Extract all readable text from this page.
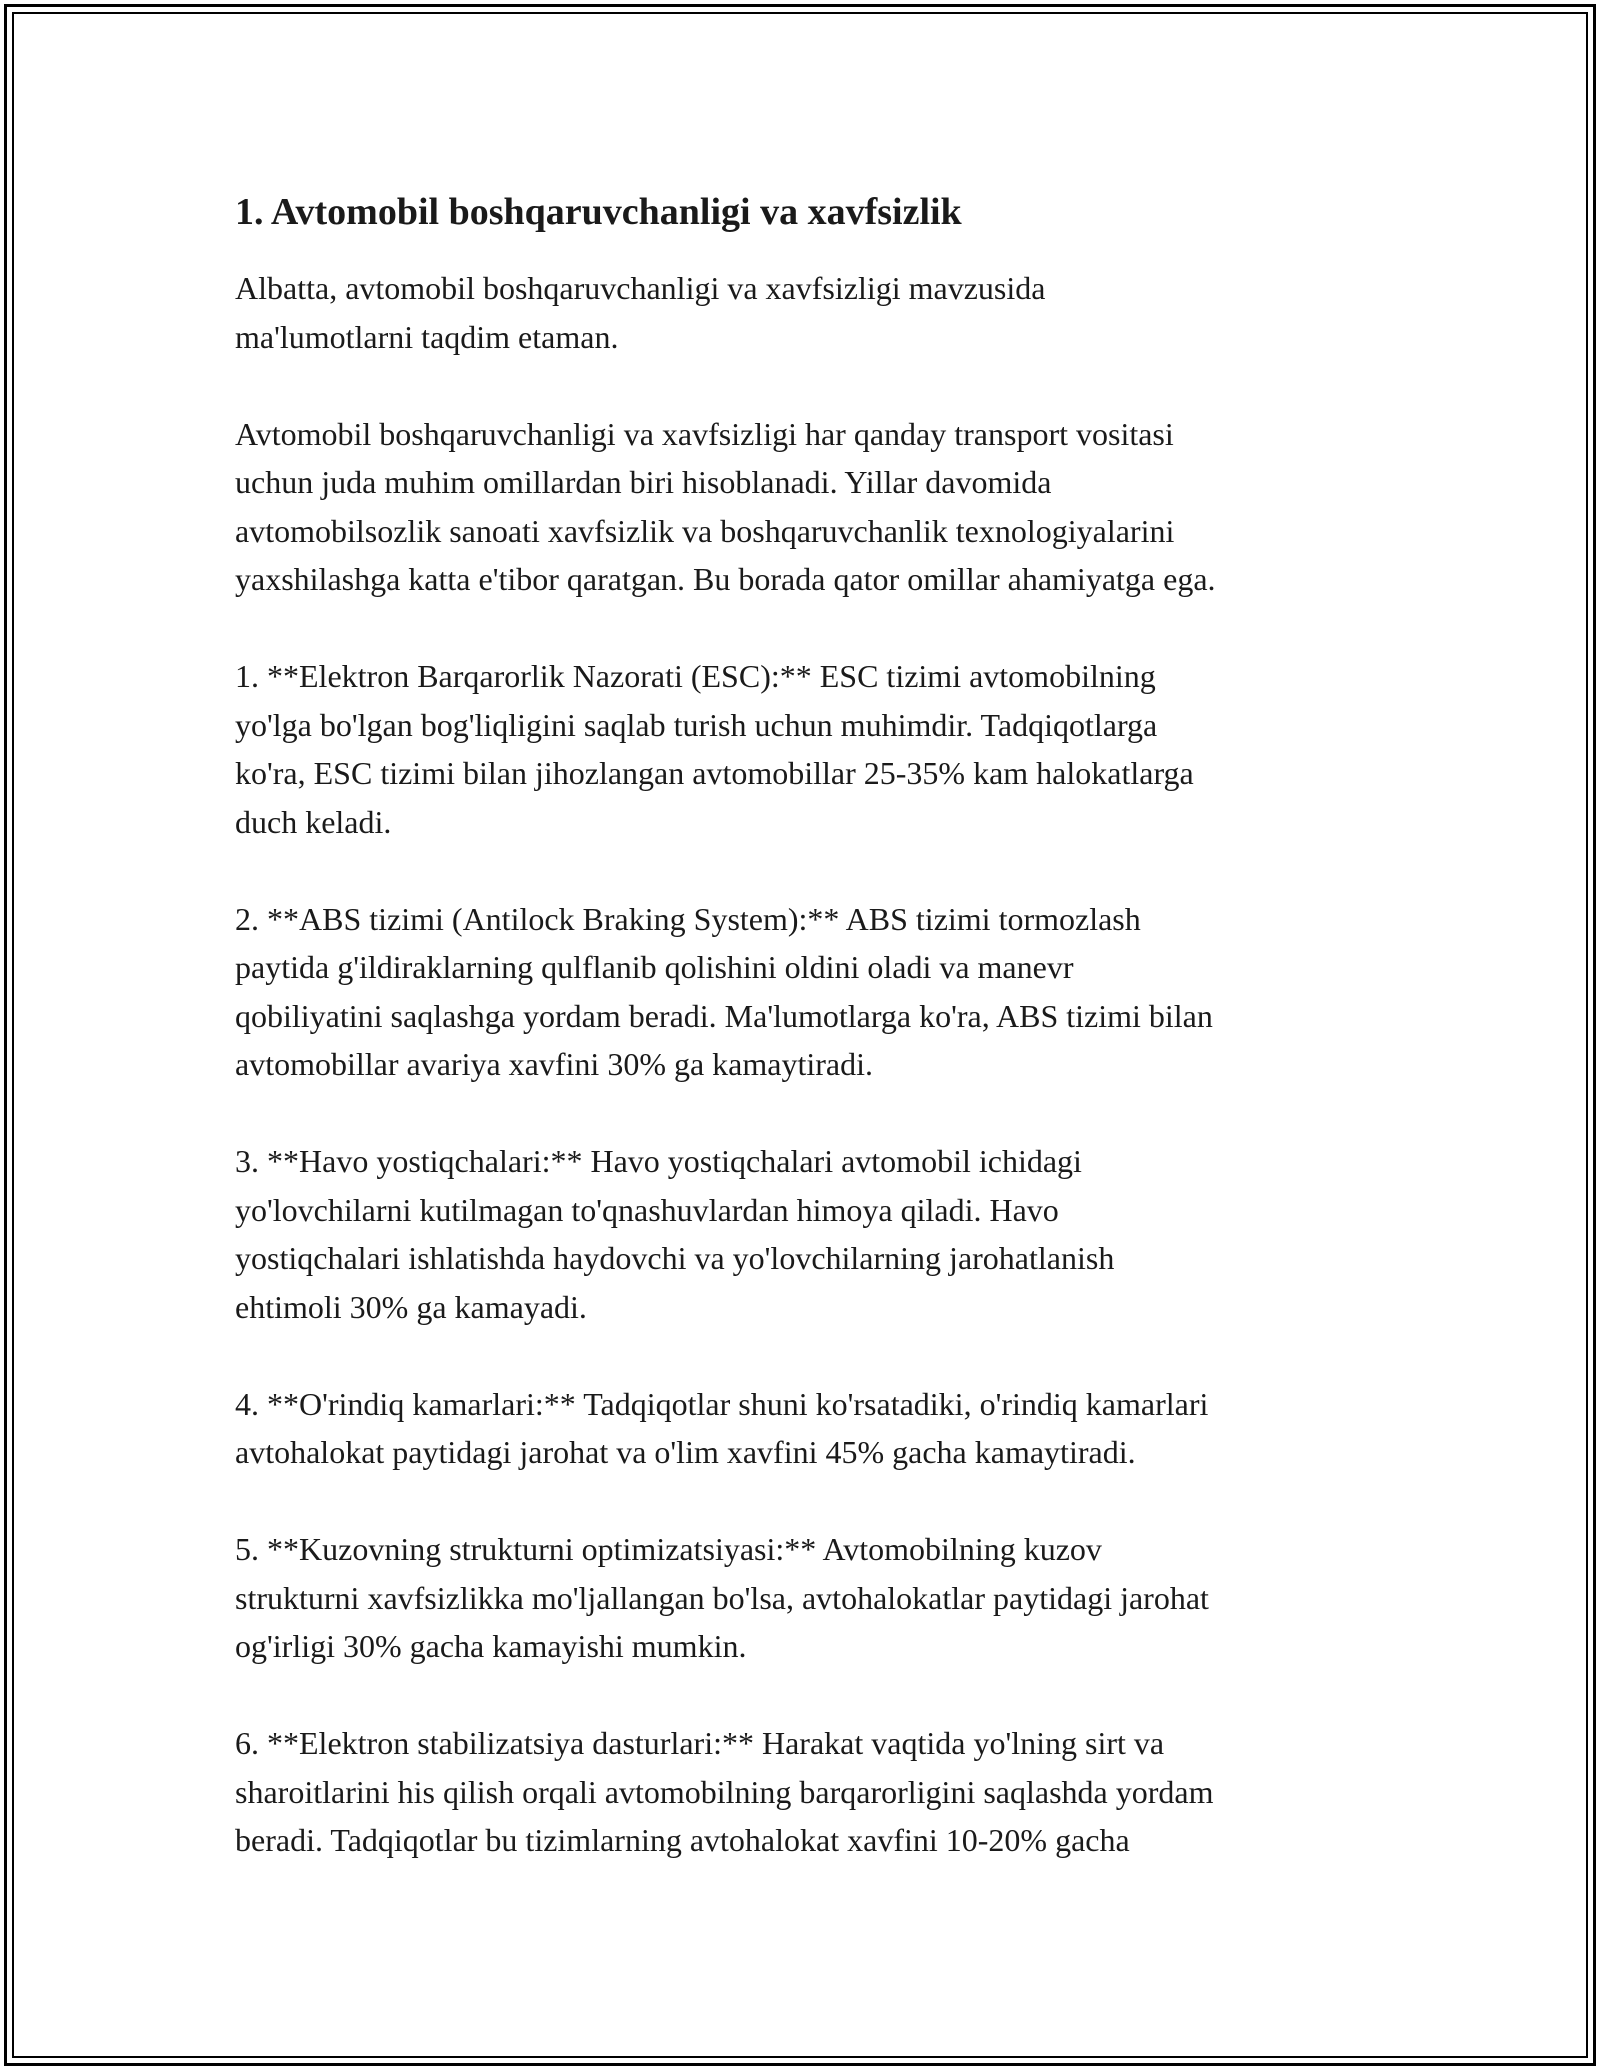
1. Avtomobil boshqaruvchanligi va xavfsizlik

Albatta, avtomobil boshqaruvchanligi va xavfsizligi mavzusida
ma'lumotlarni taqdim etaman.

Avtomobil boshqaruvchanligi va xavfsizligi har qanday transport vositasi
uchun juda muhim omillardan biri hisoblanadi. Yillar davomida
avtomobilsozlik sanoati xavfsizlik va boshqaruvchanlik texnologiyalarini
yaxshilashga katta e'tibor qaratgan. Bu borada qator omillar ahamiyatga ega.

1. **Elektron Barqarorlik Nazorati (ESC):** ESC tizimi avtomobilning
yo'lga bo'lgan bog'liqligini saqlab turish uchun muhimdir. Tadqiqotlarga
ko'ra, ESC tizimi bilan jihozlangan avtomobillar 25-35% kam halokatlarga
duch keladi.

2. **ABS tizimi (Antilock Braking System):** ABS tizimi tormozlash
paytida g'ildiraklarning qulflanib qolishini oldini oladi va manevr
qobiliyatini saqlashga yordam beradi. Ma'lumotlarga ko'ra, ABS tizimi bilan
avtomobillar avariya xavfini 30% ga kamaytiradi.

3. **Havo yostiqchalari:** Havo yostiqchalari avtomobil ichidagi
yo'lovchilarni kutilmagan to'qnashuvlardan himoya qiladi. Havo
yostiqchalari ishlatishda haydovchi va yo'lovchilarning jarohatlanish
ehtimoli 30% ga kamayadi.

4. **O'rindiq kamarlari:** Tadqiqotlar shuni ko'rsatadiki, o'rindiq kamarlari
avtohalokat paytidagi jarohat va o'lim xavfini 45% gacha kamaytiradi.

5. **Kuzovning strukturni optimizatsiyasi:** Avtomobilning kuzov
strukturni xavfsizlikka mo'ljallangan bo'lsa, avtohalokatlar paytidagi jarohat
og'irligi 30% gacha kamayishi mumkin.

6. **Elektron stabilizatsiya dasturlari:** Harakat vaqtida yo'lning sirt va
sharoitlarini his qilish orqali avtomobilning barqarorligini saqlashda yordam
beradi. Tadqiqotlar bu tizimlarning avtohalokat xavfini 10-20% gacha
